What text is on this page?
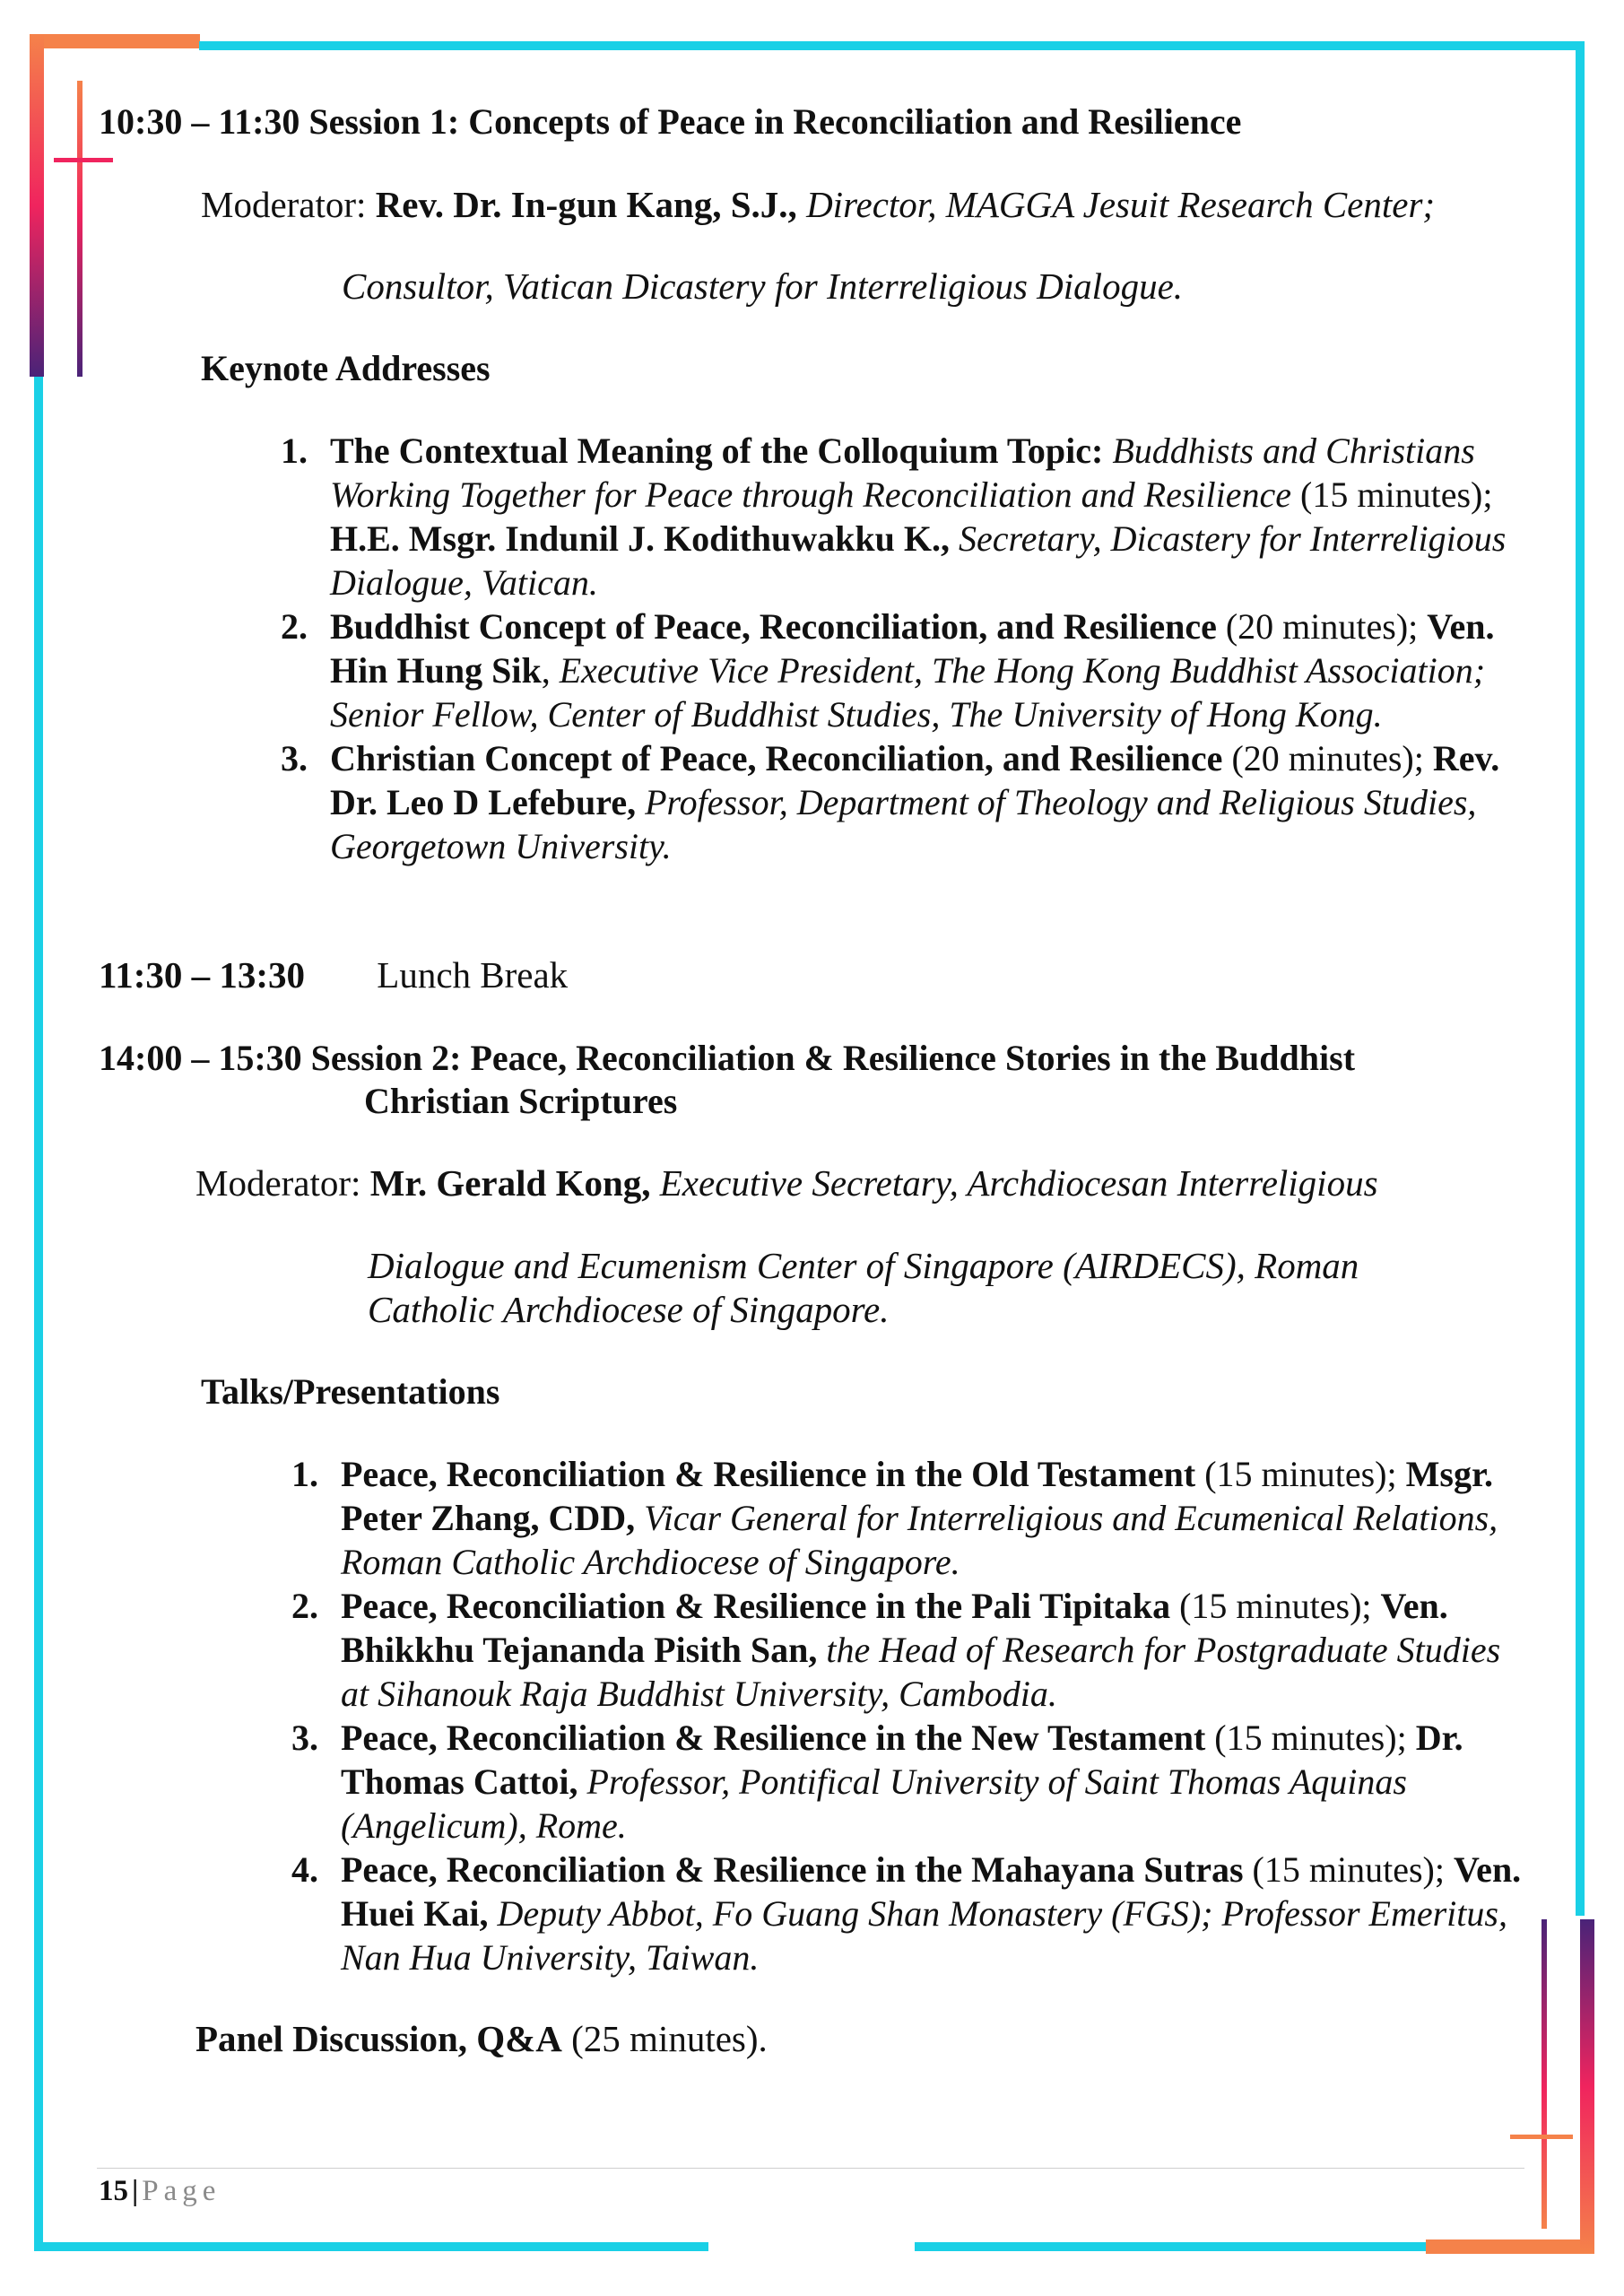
10:30 – 11:30 Session 1: Concepts of Peace in Reconciliation and Resilience
Moderator: Rev. Dr. In-gun Kang, S.J., Director, MAGGA Jesuit Research Center;
Consultor, Vatican Dicastery for Interreligious Dialogue.
Keynote Addresses
1. The Contextual Meaning of the Colloquium Topic: Buddhists and Christians Working Together for Peace through Reconciliation and Resilience (15 minutes); H.E. Msgr. Indunil J. Kodithuwakku K., Secretary, Dicastery for Interreligious Dialogue, Vatican.
2. Buddhist Concept of Peace, Reconciliation, and Resilience (20 minutes); Ven. Hin Hung Sik, Executive Vice President, The Hong Kong Buddhist Association; Senior Fellow, Center of Buddhist Studies, The University of Hong Kong.
3. Christian Concept of Peace, Reconciliation, and Resilience (20 minutes); Rev. Dr. Leo D Lefebure, Professor, Department of Theology and Religious Studies, Georgetown University.
11:30 – 13:30 Lunch Break
14:00 – 15:30 Session 2: Peace, Reconciliation & Resilience Stories in the Buddhist
Christian Scriptures
Moderator: Mr. Gerald Kong, Executive Secretary, Archdiocesan Interreligious
Dialogue and Ecumenism Center of Singapore (AIRDECS), Roman
Catholic Archdiocese of Singapore.
Talks/Presentations
1. Peace, Reconciliation & Resilience in the Old Testament (15 minutes); Msgr. Peter Zhang, CDD, Vicar General for Interreligious and Ecumenical Relations, Roman Catholic Archdiocese of Singapore.
2. Peace, Reconciliation & Resilience in the Pali Tipitaka (15 minutes); Ven. Bhikkhu Tejananda Pisith San, the Head of Research for Postgraduate Studies at Sihanouk Raja Buddhist University, Cambodia.
3. Peace, Reconciliation & Resilience in the New Testament (15 minutes); Dr. Thomas Cattoi, Professor, Pontifical University of Saint Thomas Aquinas (Angelicum), Rome.
4. Peace, Reconciliation & Resilience in the Mahayana Sutras (15 minutes); Ven. Huei Kai, Deputy Abbot, Fo Guang Shan Monastery (FGS); Professor Emeritus, Nan Hua University, Taiwan.
Panel Discussion, Q&A (25 minutes).
15 | Page
